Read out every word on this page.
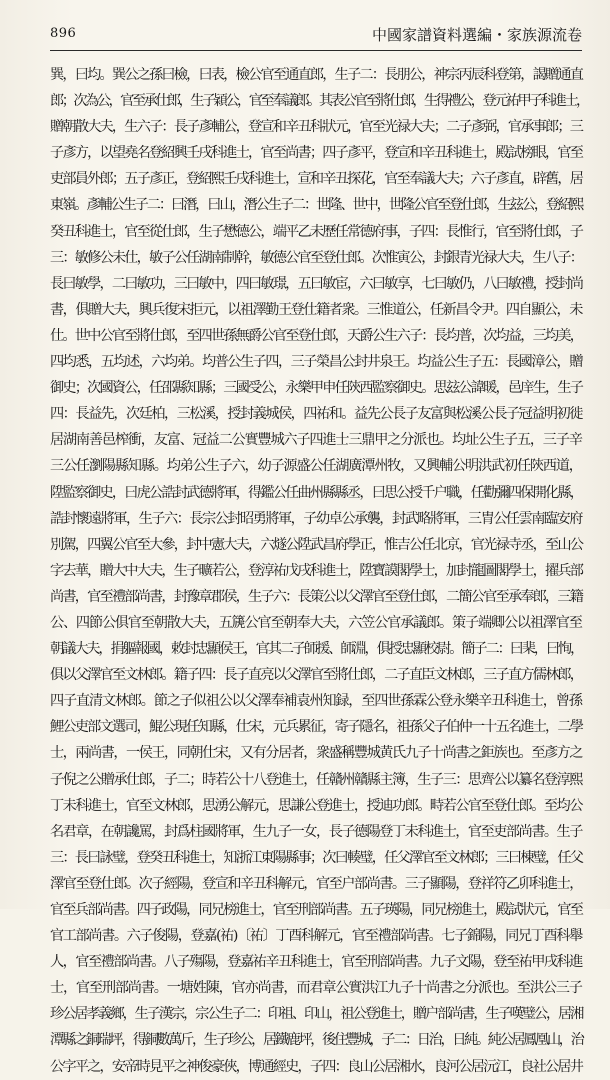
896	中國家譜資料選編・家族源流卷
巽，曰均。巽公之孫曰檢，曰表，檢公官至通直郎，生子二：長朋公，神宗丙辰科登第，謁贈通直
郎；次為公，官至承仕郎，生子穎公，官至奉議郎。其表公官至將仕郎，生得禮公，登元祐甲子科進士，
贈朝散大夫，生六子：長子彥輔公，登宣和辛丑科狀元，官至光禄大夫；二子彥弼，官承事郎；三
子彥方，以望堯名登紹興壬戌科進士，官至尚書；四子彥平，登宣和辛丑科進士，殿試榜眼，官至
吏部員外郎；五子彥正，登紹熙壬戌科進士，宣和辛丑探花，官至奉議大夫；六子彥直，辟舊，居
東嶺。彥輔公生子二：曰潛，曰山，潛公生子二：世隆、世中，世隆公官至登仕郎，生玆公，登紹熙
癸丑科進士，官至從仕郎，生子懋德公，端平乙未歷任常德府事，子四：長惟行，官至將仕郎，子
三：敏修公未仕，敏子公任湖南制幹，敏德公官至登仕郎。次惟寅公，封銀青光禄大夫，生八子：
長曰敏學，二曰敏功，三曰敏中，四曰敏璟，五曰敏宦，六曰敏享，七曰敏仍，八曰敏禮，授封尚
書，俱贈大夫，興兵復宋拒元，以祖澤勤王登仕籍者衆。三惟道公，任新昌令尹。四自顯公，未
仕。世中公官至將仕郎，至四世孫無爵公官至登仕郎，天爵公生六子：長均普，次均益，三均美，
四均悉，五均述，六均弟。均普公生子四，三子榮昌公封井泉王。均益公生子五：長國漳公，贈
御史；次國資公，任邵縣知縣；三國受公，永樂甲申任陝西監察御史。思玆公諱暖，邑庠生，生子
四：長益先，次廷柏，三松溪，授封義城侯，四祐和。益先公長子友富與松溪公長子冠益明初徙
居湖南善邑榨衝，友富、冠益二公實豐城六子四進士三鼎甲之分派也。均址公生子五，三子辛
三公任瀏陽縣知縣。均弟公生子六，幼子源盛公任湖廣潭州牧，又興輔公明洪武初任陝西道，
陞監察御史，曰虎公誥封武德將軍，得鑑公任曲州縣縣丞，曰思公授千户職，任勸彌四保開化縣，
誥封懷遠將軍，生子六：長宗公封昭勇將軍，子幼卓公承襲，封武略將軍，三胄公任雲南臨安府
別駕，四翼公官至大參，封中憲大夫，六燧公陞武昌府學正，惟吉公任北京，官光禄寺丞，至山公
字去華，贈大中大夫，生子曠若公，登淳祐戊戌科進士，陞寶謨閣學士，加封龍圖閣學士，擢兵部
尚書，官至禮部尚書，封豫章郡侯，生子六：長策公以父澤官至登仕郎，二簡公官至承奉郎，三籍
公、四節公俱官至朝散大夫，五篪公官至朝奉大夫，六笠公官承議郎。策子端卿公以祖澤官至
朝議大夫，捐軀報國，敕封忠顯侯王，官其二子師援、師淵，俱授忠顯校尉。簡子二：曰棐，曰恂，
俱以父澤官至文林郎。籍子四：長子直亮以父澤官至將仕郎，二子直臣文林郎，三子直方儒林郎，
四子直清文林郎。節之子似祖公以父澤奉補袁州知録，至四世孫霖公登永樂辛丑科進士，曾孫
鯉公吏部文選司，鯤公現任知縣，仕宋，元兵累征，寄子隱名，祖孫父子伯仲一十五名進士，二學
士，兩尚書，一侯王，同朝仕宋，又有分居者，衆盛稱豐城黄氏九子十尚書之鉅族也。至彥方之
子倪之公贈承仕郎，子二；時若公十八登進士，任贛州贛縣主簿，生子三：思齊公以纂名登淳熙
丁未科進士，官至文林郎，思湧公解元，思謙公登進士，授迪功郎。畤若公官至登仕郎。至均公
名君章，在朝讒罵，封爲柱國將軍，生九子一女，長子德陽登丁未科進士，官至吏部尚書。生子
三：長曰詠璧，登癸丑科進士，知浙江東陽縣事；次曰輳璧，任父澤官至文林郎；三曰棟璧，任父
澤官至登仕郎。次子經陽，登宣和辛丑科解元，官至户部尚書。三子顯陽，登祥符乙卯科進士，
官至兵部尚書。四子政陽，同兄榜進士，官至刑部尚書。五子瑛陽，同兄榜進士，殿試狀元，官至
官工部尚書。六子俊陽，登嘉(祐)〔祐〕丁酉科解元，官至禮部尚書。七子錦陽，同兄丁酉科舉
人，官至禮部尚書。八子殤陽，登嘉祐辛丑科進士，官至刑部尚書。九子文陽，登至祐甲戌科進
士，官至刑部尚書。一塘姓陳，官亦尚書，而君章公實洪江九子十尚書之分派也。至洪公三子
珍公居孝義鄉，生子漢宗，宗公生子二：印祖、印山，祖公登進士，贈户部尚書，生子嘆璧公，居湘
潭縣之銅瑞坪，得銅數萬斤，生子珍公，居鐵鹿坪，後住豐城，子二：日治，日純。純公居鳳凰山，治
公字平之，安帝時見平之神俊豪俠，博通經史，子四：良山公居湘水，良河公居沅江，良社公居井
